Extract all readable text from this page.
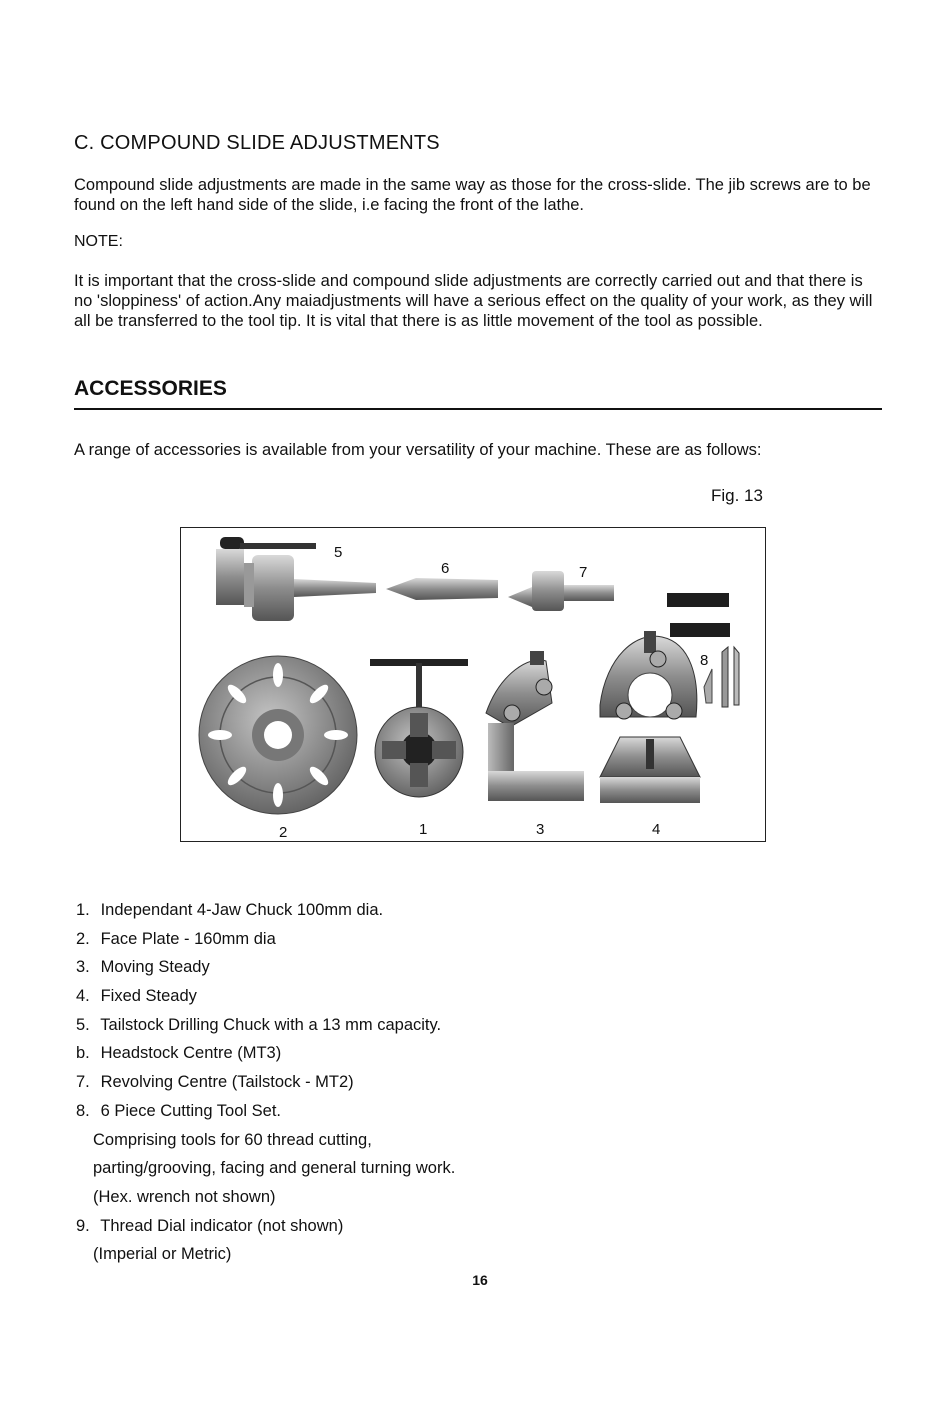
C. COMPOUND SLIDE ADJUSTMENTS
Compound slide adjustments are made in the same way as those for the cross-slide. The jib screws are to be found on the left hand side of the slide, i.e facing the front of the lathe.
NOTE:
It is important that the cross-slide and compound slide adjustments are correctly carried out and that there is no 'sloppiness' of action.Any maiadjustments will have a serious effect on the quality of your work, as they will all be transferred to the tool tip. It is vital that there is as little movement of the tool as possible.
ACCESSORIES
A range of accessories is available from your versatility of your machine. These are as follows:
Fig. 13
5
6	7
8
2	1	3	4
1. Independant 4-Jaw Chuck 100mm dia.
2. Face Plate - 160mm dia
3. Moving Steady
4. Fixed Steady
5. Tailstock Drilling Chuck with a 13 mm capacity.
b. Headstock Centre (MT3)
7. Revolving Centre (Tailstock - MT2)
8. 6 Piece Cutting Tool Set.
Comprising tools for 60 thread cutting,
parting/grooving, facing and general turning work.
(Hex. wrench not shown)
9. Thread Dial indicator (not shown)
(Imperial or Metric)
16
